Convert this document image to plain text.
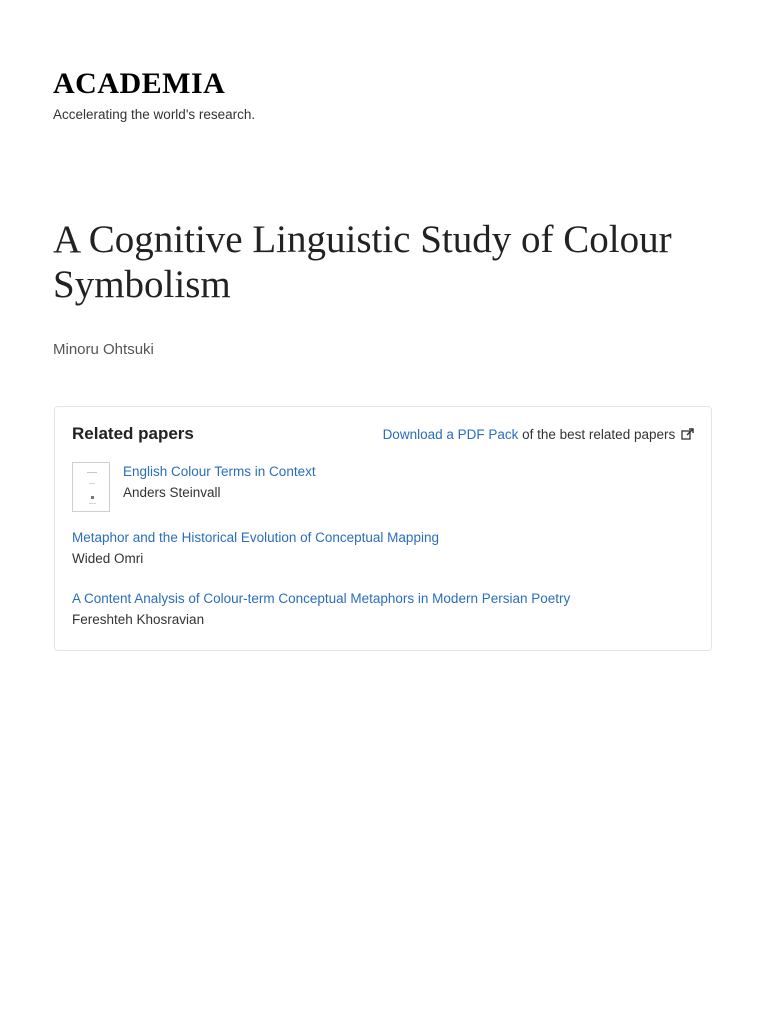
ACADEMIA
Accelerating the world's research.
A Cognitive Linguistic Study of Colour Symbolism
Minoru Ohtsuki
Related papers	Download a PDF Pack of the best related papers
English Colour Terms in Context
Anders Steinvall
Metaphor and the Historical Evolution of Conceptual Mapping
Wided Omri
A Content Analysis of Colour-term Conceptual Metaphors in Modern Persian Poetry
Fereshteh Khosravian
